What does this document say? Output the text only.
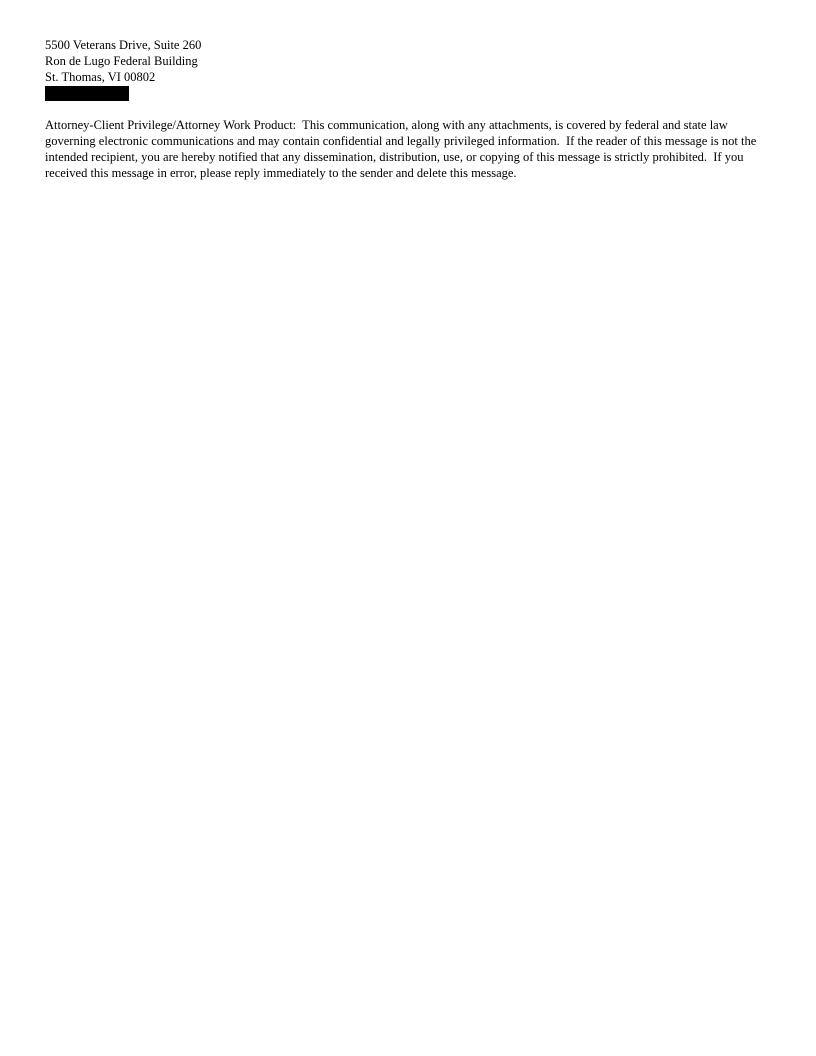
5500 Veterans Drive, Suite 260
Ron de Lugo Federal Building
St. Thomas, VI 00802

Attorney-Client Privilege/Attorney Work Product:  This communication, along with any attachments, is covered by federal and state law governing electronic communications and may contain confidential and legally privileged information.  If the reader of this message is not the intended recipient, you are hereby notified that any dissemination, distribution, use, or copying of this message is strictly prohibited.  If you received this message in error, please reply immediately to the sender and delete this message.
